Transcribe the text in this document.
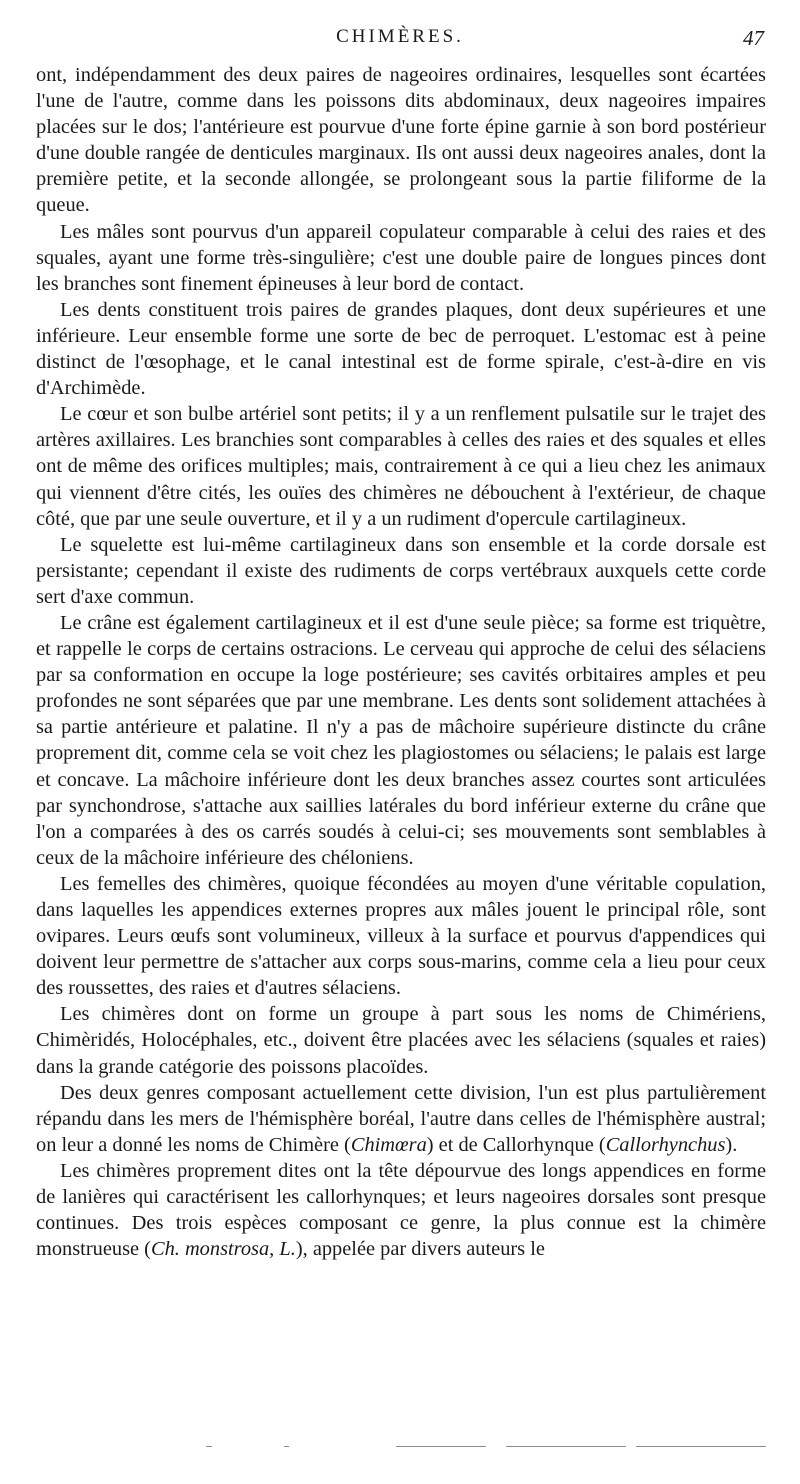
CHIMÈRES.	47

ont, indépendamment des deux paires de nageoires ordinaires, lesquelles sont écartées l'une de l'autre, comme dans les poissons dits abdominaux, deux nageoires impaires placées sur le dos; l'antérieure est pourvue d'une forte épine garnie à son bord postérieur d'une double rangée de denticules marginaux. Ils ont aussi deux nageoires anales, dont la première petite, et la seconde allongée, se prolongeant sous la partie filiforme de la queue.

Les mâles sont pourvus d'un appareil copulateur comparable à celui des raies et des squales, ayant une forme très-singulière; c'est une double paire de longues pinces dont les branches sont finement épineuses à leur bord de contact.

Les dents constituent trois paires de grandes plaques, dont deux supérieures et une inférieure. Leur ensemble forme une sorte de bec de perroquet. L'estomac est à peine distinct de l'œsophage, et le canal intestinal est de forme spirale, c'est-à-dire en vis d'Archimède.

Le cœur et son bulbe artériel sont petits; il y a un renflement pulsatile sur le trajet des artères axillaires. Les branchies sont comparables à celles des raies et des squales et elles ont de même des orifices multiples; mais, contrairement à ce qui a lieu chez les animaux qui viennent d'être cités, les ouïes des chimères ne débouchent à l'extérieur, de chaque côté, que par une seule ouverture, et il y a un rudiment d'opercule cartilagineux.

Le squelette est lui-même cartilagineux dans son ensemble et la corde dorsale est persistante; cependant il existe des rudiments de corps vertébraux auxquels cette corde sert d'axe commun.

Le crâne est également cartilagineux et il est d'une seule pièce; sa forme est triquètre, et rappelle le corps de certains ostracions. Le cerveau qui approche de celui des sélaciens par sa conformation en occupe la loge postérieure; ses cavités orbitaires amples et peu profondes ne sont séparées que par une membrane. Les dents sont solidement attachées à sa partie antérieure et palatine. Il n'y a pas de mâchoire supérieure distincte du crâne proprement dit, comme cela se voit chez les plagiostomes ou sélaciens; le palais est large et concave. La mâchoire inférieure dont les deux branches assez courtes sont articulées par synchondrose, s'attache aux saillies latérales du bord inférieur externe du crâne que l'on a comparées à des os carrés soudés à celui-ci; ses mouvements sont semblables à ceux de la mâchoire inférieure des chéloniens.

Les femelles des chimères, quoique fécondées au moyen d'une véritable copulation, dans laquelles les appendices externes propres aux mâles jouent le principal rôle, sont ovipares. Leurs œufs sont volumineux, villeux à la surface et pourvus d'appendices qui doivent leur permettre de s'attacher aux corps sous-marins, comme cela a lieu pour ceux des roussettes, des raies et d'autres sélaciens.

Les chimères dont on forme un groupe à part sous les noms de Chimériens, Chimèridés, Holocéphales, etc., doivent être placées avec les sélaciens (squales et raies) dans la grande catégorie des poissons placoïdes.

Des deux genres composant actuellement cette division, l'un est plus partulièrement répandu dans les mers de l'hémisphère boréal, l'autre dans celles de l'hémisphère austral; on leur a donné les noms de Chimère (Chimœra) et de Callorhynque (Callorhynchus).

Les chimères proprement dites ont la tête dépourvue des longs appendices en forme de lanières qui caractérisent les callorhynques; et leurs nageoires dorsales sont presque continues. Des trois espèces composant ce genre, la plus connue est la chimère monstrueuse (Ch. monstrosa, L.), appelée par divers auteurs le
